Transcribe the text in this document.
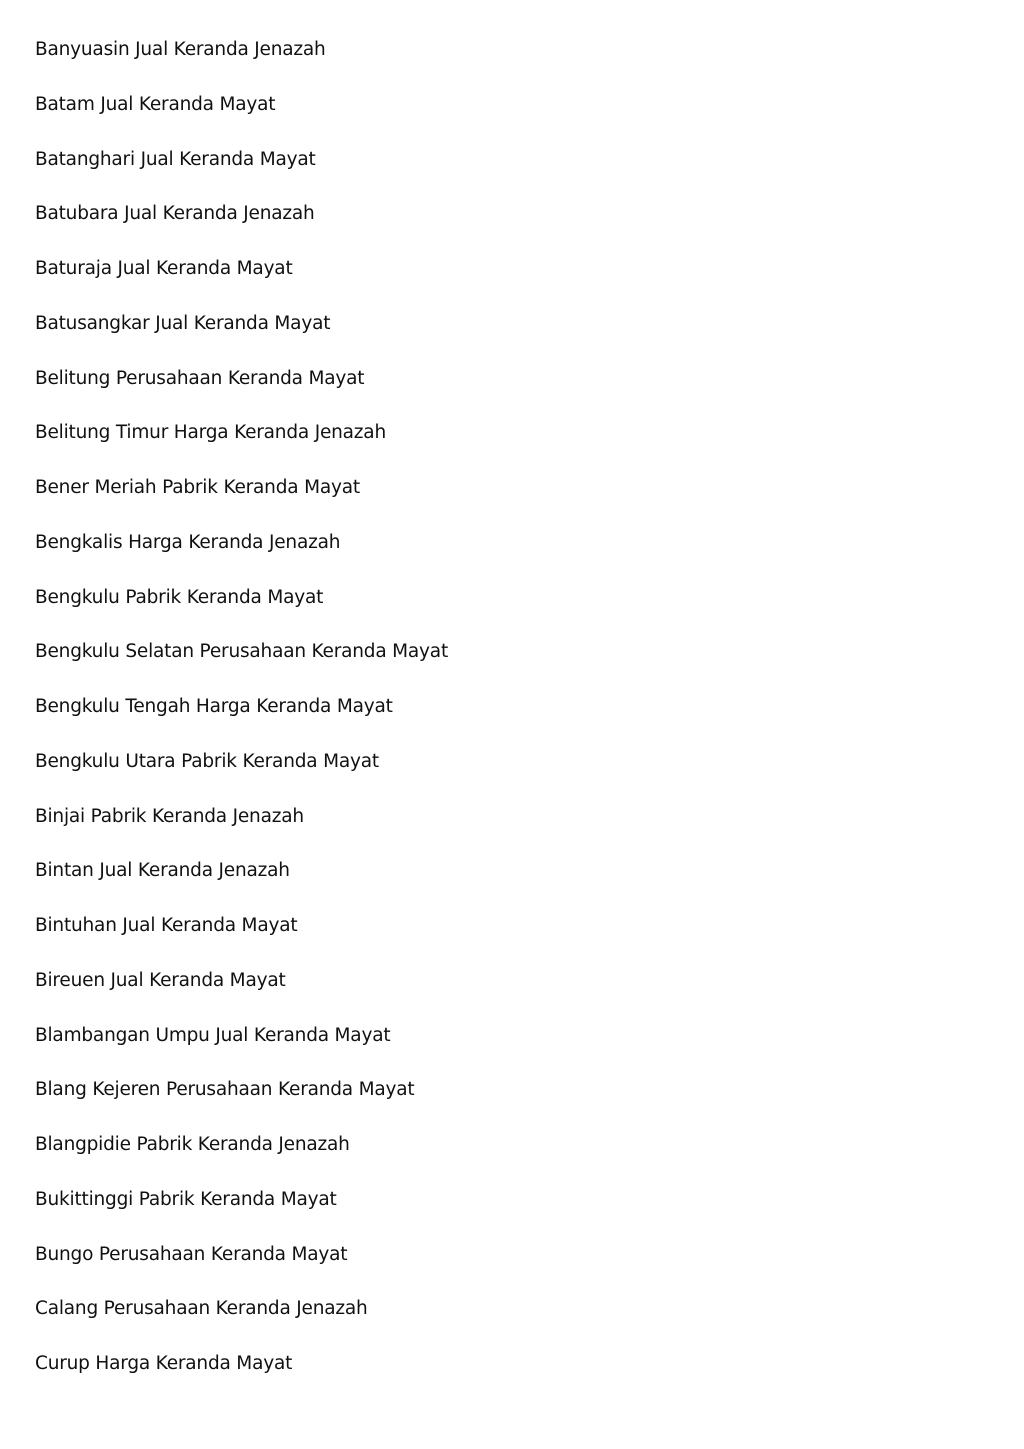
Banyuasin Jual Keranda Jenazah
Batam Jual Keranda Mayat
Batanghari Jual Keranda Mayat
Batubara Jual Keranda Jenazah
Baturaja Jual Keranda Mayat
Batusangkar Jual Keranda Mayat
Belitung Perusahaan Keranda Mayat
Belitung Timur Harga Keranda Jenazah
Bener Meriah Pabrik Keranda Mayat
Bengkalis Harga Keranda Jenazah
Bengkulu Pabrik Keranda Mayat
Bengkulu Selatan Perusahaan Keranda Mayat
Bengkulu Tengah Harga Keranda Mayat
Bengkulu Utara Pabrik Keranda Mayat
Binjai Pabrik Keranda Jenazah
Bintan Jual Keranda Jenazah
Bintuhan Jual Keranda Mayat
Bireuen Jual Keranda Mayat
Blambangan Umpu Jual Keranda Mayat
Blang Kejeren Perusahaan Keranda Mayat
Blangpidie Pabrik Keranda Jenazah
Bukittinggi Pabrik Keranda Mayat
Bungo Perusahaan Keranda Mayat
Calang Perusahaan Keranda Jenazah
Curup Harga Keranda Mayat
